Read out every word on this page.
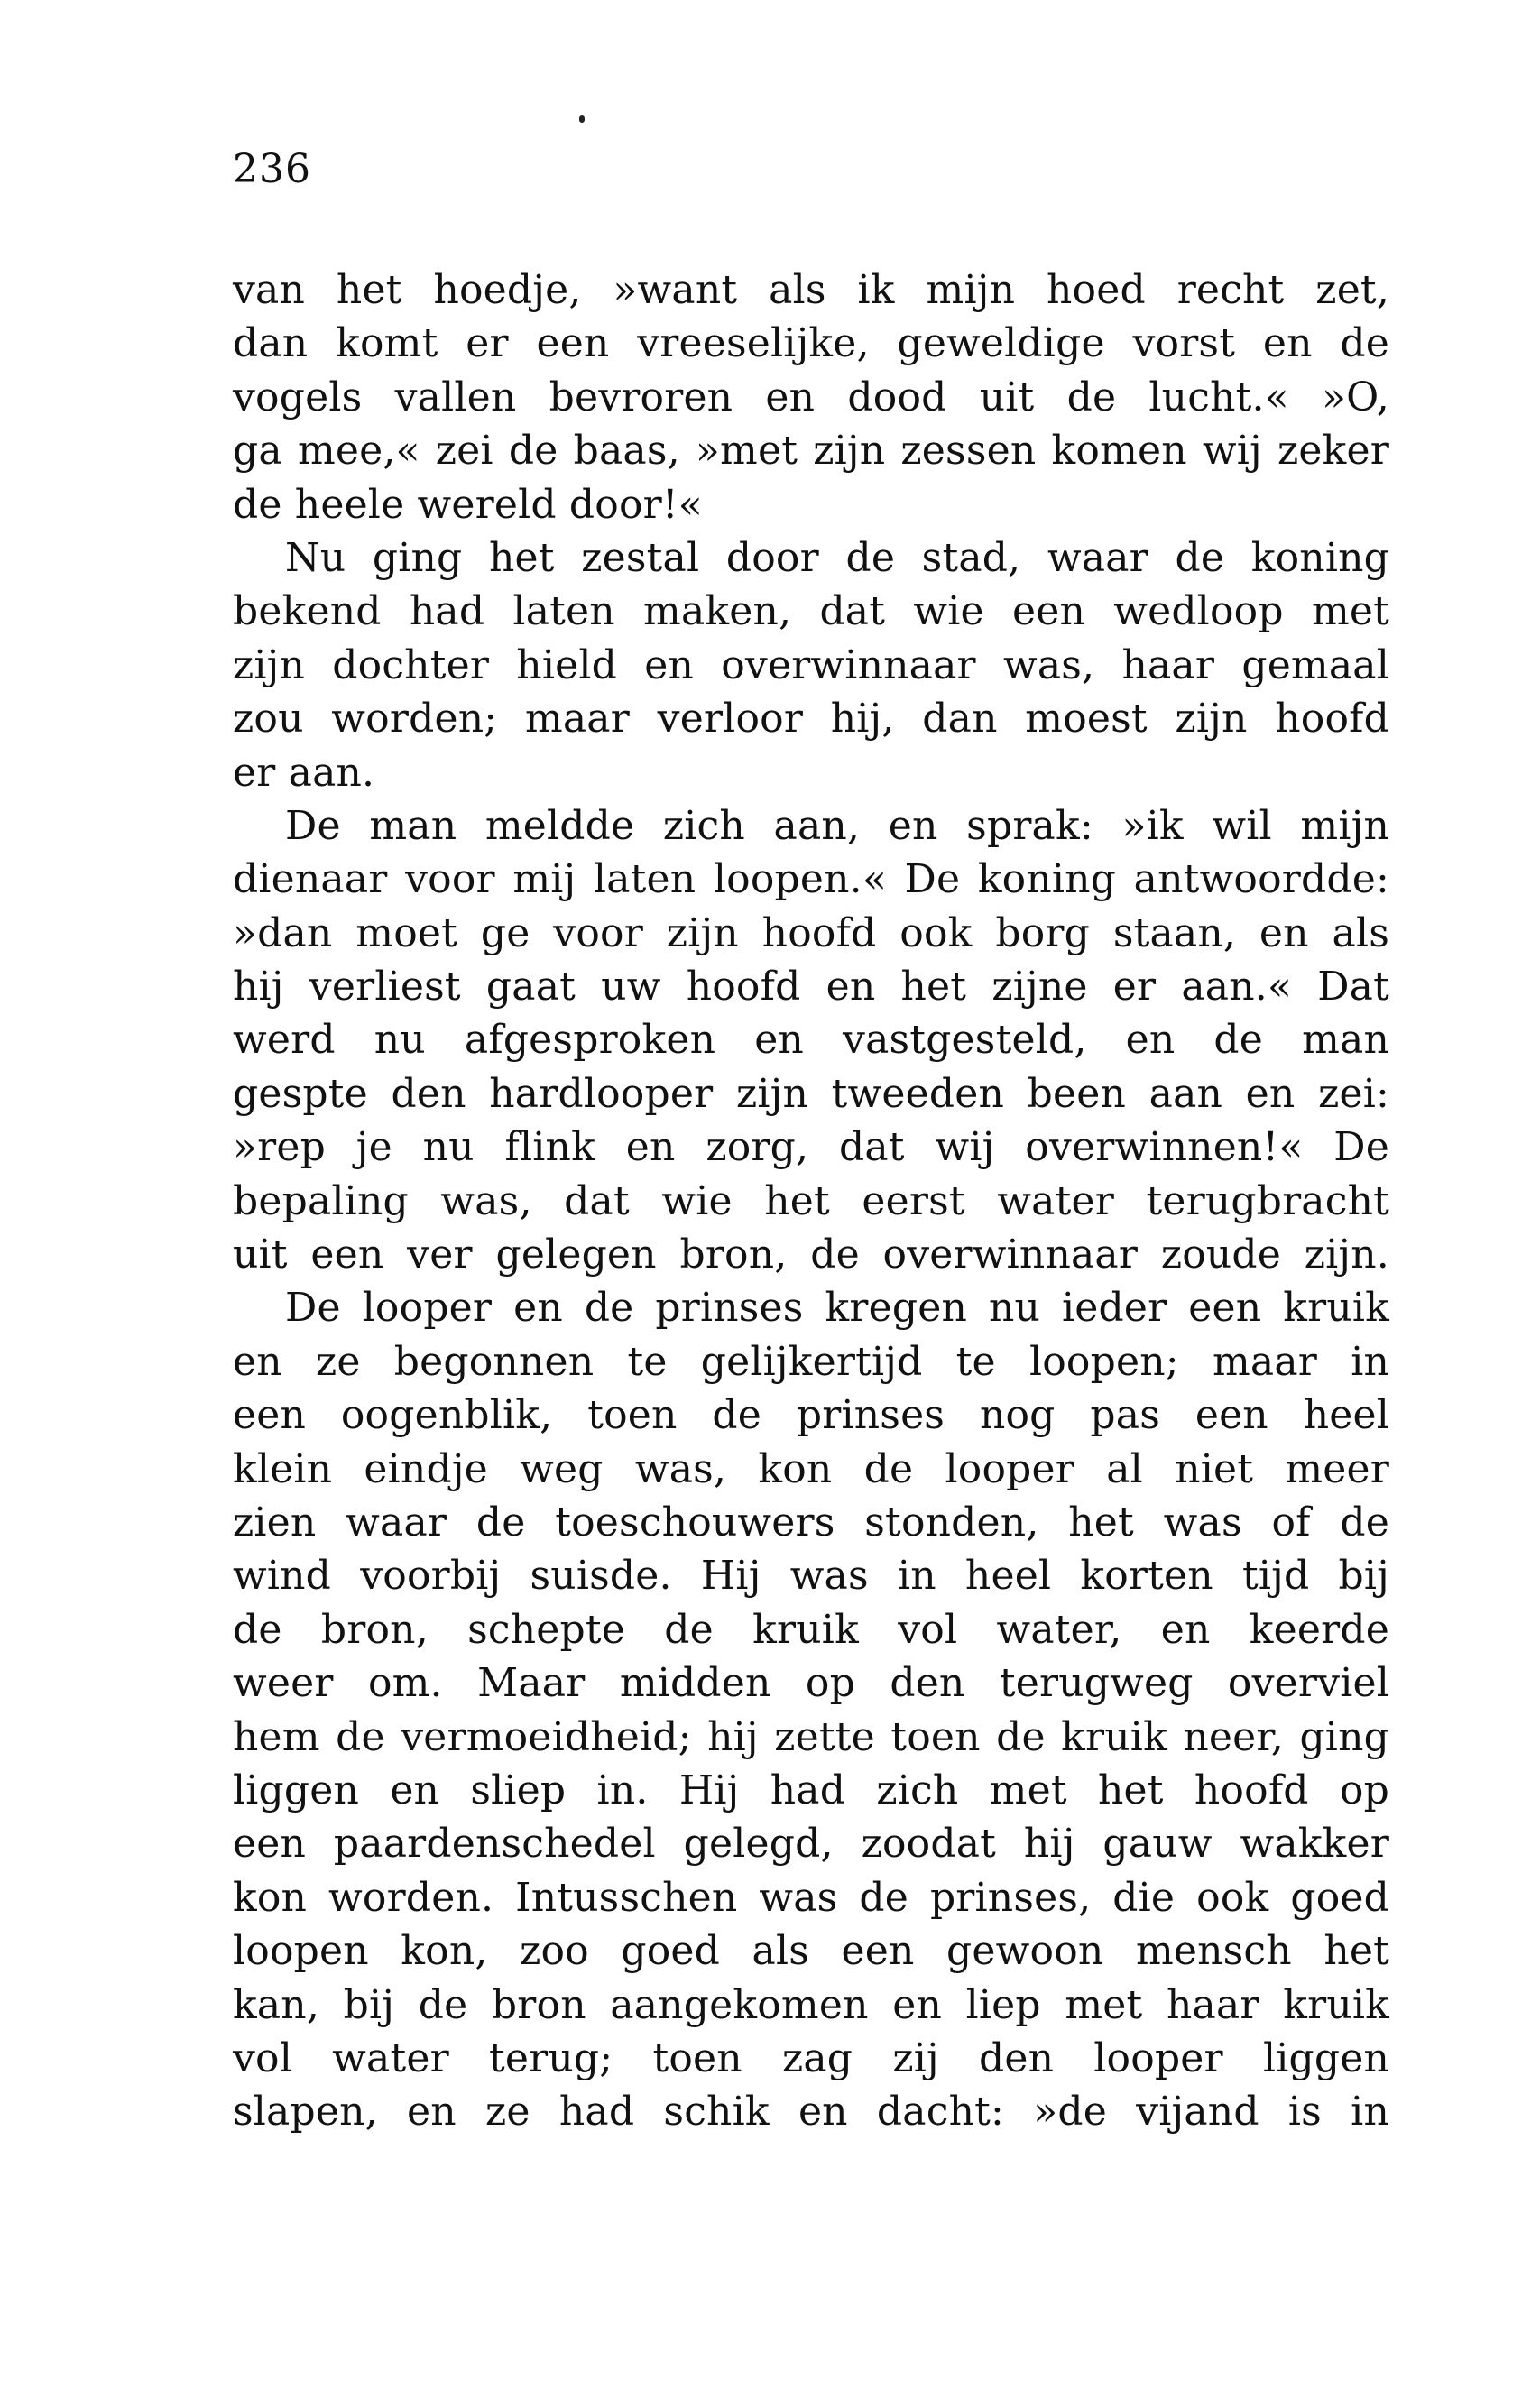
236
van het hoedje, »want als ik mijn hoed recht zet,
dan komt er een vreeselijke, geweldige vorst en de
vogels vallen bevroren en dood uit de lucht.« »O,
ga mee,« zei de baas, »met zijn zessen komen wij zeker
de heele wereld door!«
Nu ging het zestal door de stad, waar de koning
bekend had laten maken, dat wie een wedloop met
zijn dochter hield en overwinnaar was, haar gemaal
zou worden; maar verloor hij, dan moest zijn hoofd
er aan.
De man meldde zich aan, en sprak: »ik wil mijn
dienaar voor mij laten loopen.« De koning antwoordde:
»dan moet ge voor zijn hoofd ook borg staan, en als
hij verliest gaat uw hoofd en het zijne er aan.« Dat
werd nu afgesproken en vastgesteld, en de man
gespte den hardlooper zijn tweeden been aan en zei:
»rep je nu flink en zorg, dat wij overwinnen!« De
bepaling was, dat wie het eerst water terugbracht
uit een ver gelegen bron, de overwinnaar zoude zijn.
De looper en de prinses kregen nu ieder een kruik
en ze begonnen te gelijkertijd te loopen; maar in
een oogenblik, toen de prinses nog pas een heel
klein eindje weg was, kon de looper al niet meer
zien waar de toeschouwers stonden, het was of de
wind voorbij suisde. Hij was in heel korten tijd bij
de bron, schepte de kruik vol water, en keerde
weer om. Maar midden op den terugweg overviel
hem de vermoeidheid; hij zette toen de kruik neer, ging
liggen en sliep in. Hij had zich met het hoofd op
een paardenschedel gelegd, zoodat hij gauw wakker
kon worden. Intusschen was de prinses, die ook goed
loopen kon, zoo goed als een gewoon mensch het
kan, bij de bron aangekomen en liep met haar kruik
vol water terug; toen zag zij den looper liggen
slapen, en ze had schik en dacht: »de vijand is in
